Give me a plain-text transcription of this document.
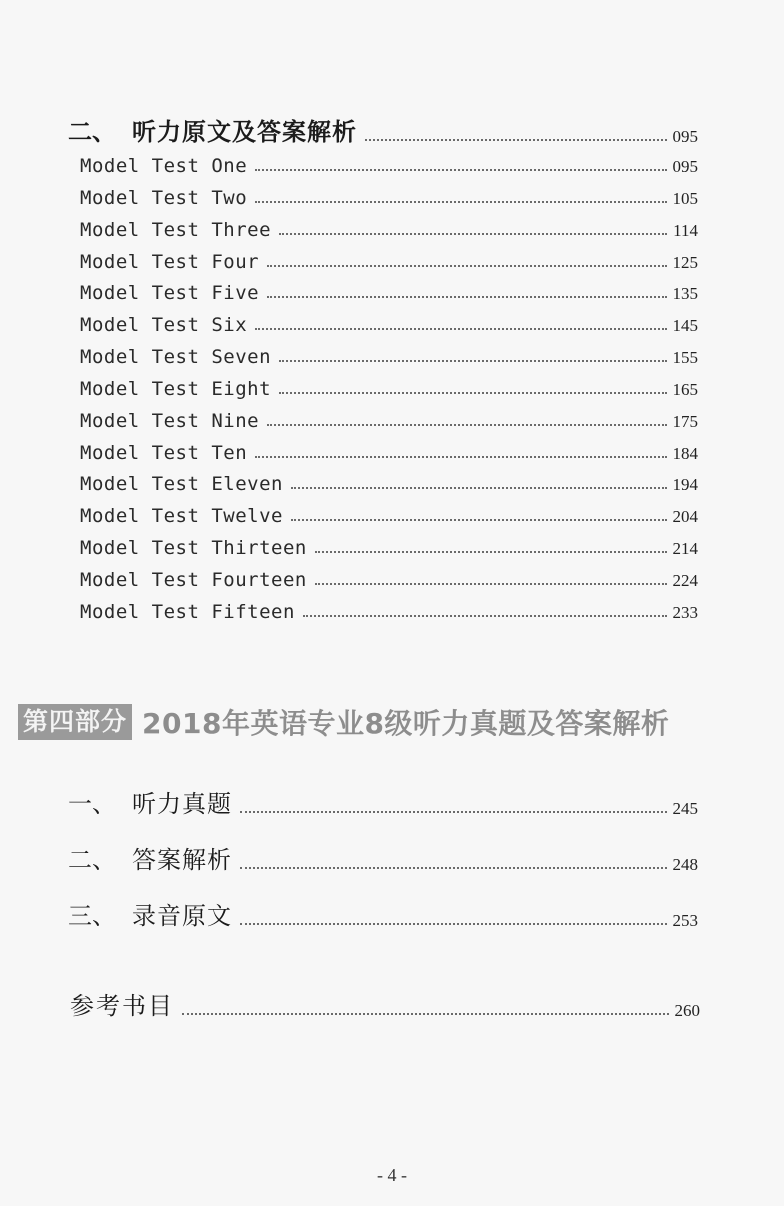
二、 听力原文及答案解析	095
Model Test One	095
Model Test Two	105
Model Test Three	114
Model Test Four	125
Model Test Five	135
Model Test Six	145
Model Test Seven	155
Model Test Eight	165
Model Test Nine	175
Model Test Ten	184
Model Test Eleven	194
Model Test Twelve	204
Model Test Thirteen	214
Model Test Fourteen	224
Model Test Fifteen	233
第四部分 2018年英语专业8级听力真题及答案解析
一、 听力真题	245
二、 答案解析	248
三、 录音原文	253
参考书目	260
- 4 -
